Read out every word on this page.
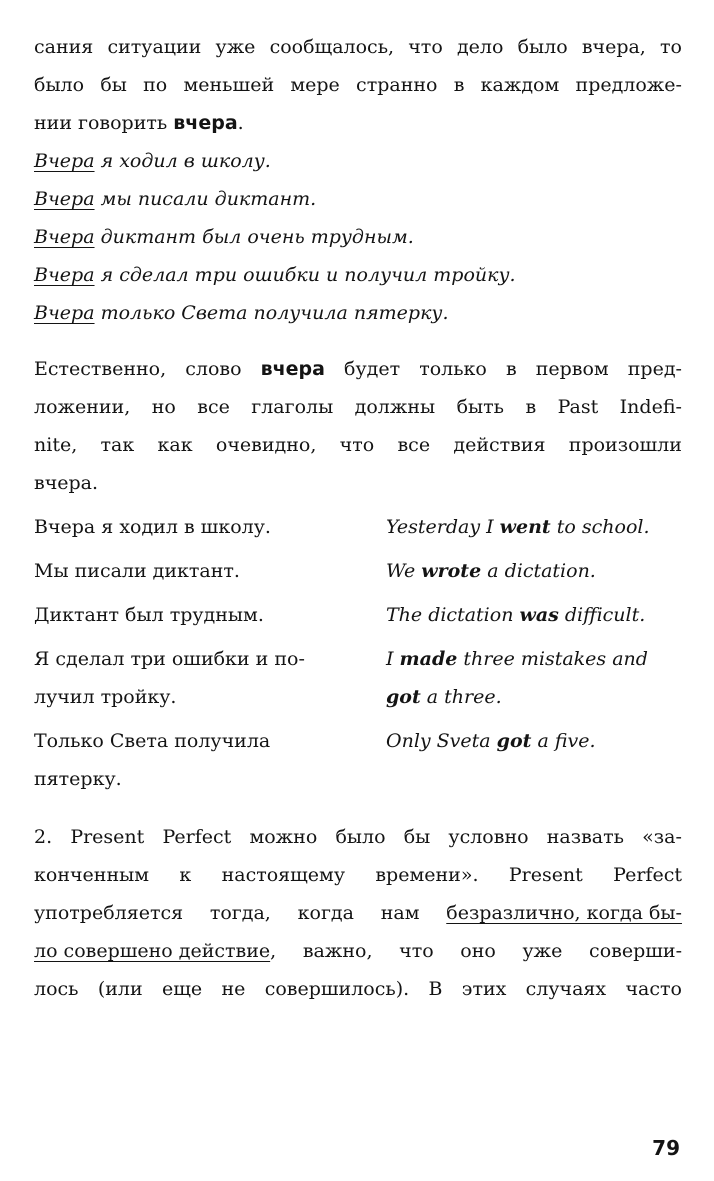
сания ситуации уже сообщалось, что дело было вчера, то
было бы по меньшей мере странно в каждом предложе-
нии говорить вчера.
Вчера я ходил в школу.
Вчера мы писали диктант.
Вчера диктант был очень трудным.
Вчера я сделал три ошибки и получил тройку.
Вчера только Света получила пятерку.
Естественно, слово вчера будет только в первом пред-
ложении, но все глаголы должны быть в Past Indefi-
nite, так как очевидно, что все действия произошли
вчера.
Вчера я ходил в школу.	Yesterday I went to school.

Мы писали диктант.	We wrote a dictation.

Диктант был трудным.	The dictation was difficult.

Я сделал три ошибки и по-
лучил тройку.	I made three mistakes and got a three.

Только Света получила
пятерку.	Only Sveta got a five.
2. Present Perfect можно было бы условно назвать «за-
конченным к настоящему времени». Present Perfect
употребляется тогда, когда нам безразлично, когда бы-
ло совершено действие , важно, что оно уже соверши-
лось (или еще не совершилось). В этих случаях часто
79
